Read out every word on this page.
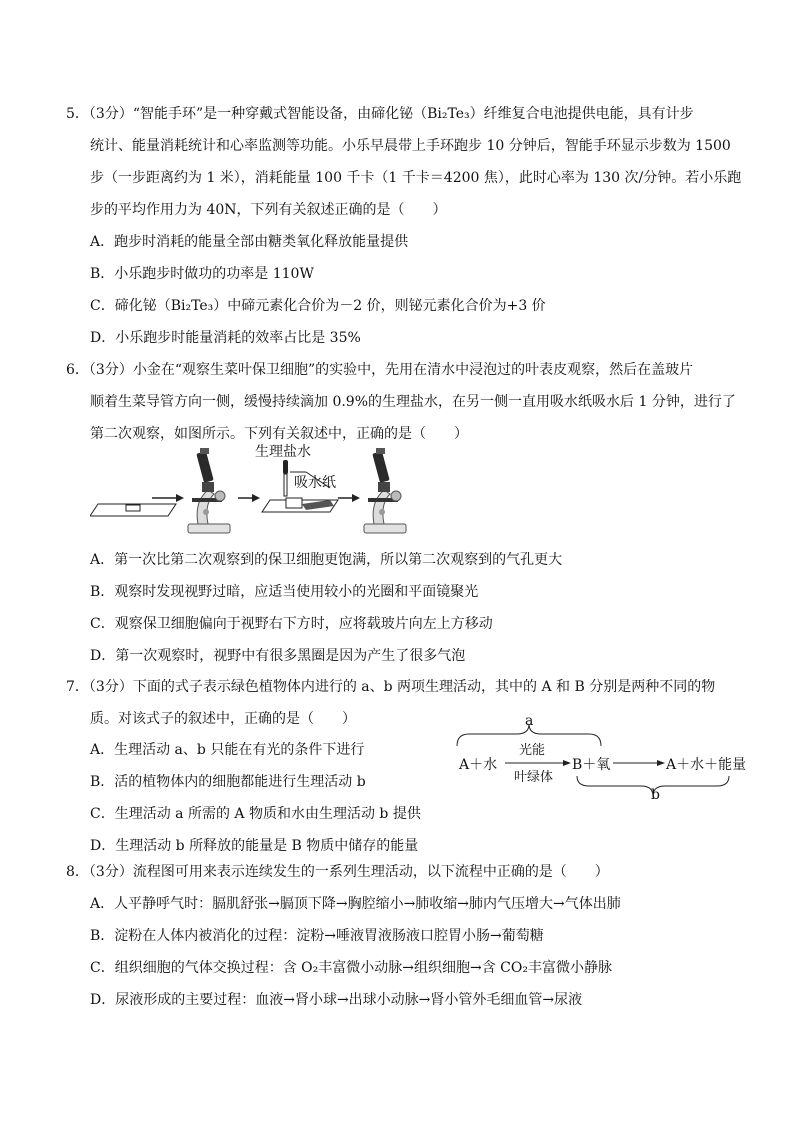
5．（3分）“智能手环”是一种穿戴式智能设备，由碲化铋（Bi₂Te₃）纤维复合电池提供电能，具有计步
统计、能量消耗统计和心率监测等功能。小乐早晨带上手环跑步 10 分钟后，智能手环显示步数为 1500
步（一步距离约为 1 米），消耗能量 100 千卡（1 千卡＝4200 焦），此时心率为 130 次/分钟。若小乐跑
步的平均作用力为 40N，下列有关叙述正确的是（　　）
A．跑步时消耗的能量全部由糖类氧化释放能量提供
B．小乐跑步时做功的功率是 110W
C．碲化铋（Bi₂Te₃）中碲元素化合价为－2 价，则铋元素化合价为+3 价
D．小乐跑步时能量消耗的效率占比是 35%
6．（3分）小金在“观察生菜叶保卫细胞”的实验中，先用在清水中浸泡过的叶表皮观察，然后在盖玻片
顺着生菜导管方向一侧，缓慢持续滴加 0.9%的生理盐水，在另一侧一直用吸水纸吸水后 1 分钟，进行了
第二次观察，如图所示。下列有关叙述中，正确的是（　　）
生理盐水
吸水纸
A．第一次比第二次观察到的保卫细胞更饱满，所以第二次观察到的气孔更大
B．观察时发现视野过暗，应适当使用较小的光圈和平面镜聚光
C．观察保卫细胞偏向于视野右下方时，应将载玻片向左上方移动
D．第一次观察时，视野中有很多黑圈是因为产生了很多气泡
7．（3分）下面的式子表示绿色植物体内进行的 a、b 两项生理活动，其中的 A 和 B 分别是两种不同的物
质。对该式子的叙述中，正确的是（　　）
A．生理活动 a、b 只能在有光的条件下进行
B．活的植物体内的细胞都能进行生理活动 b
C．生理活动 a 所需的 A 物质和水由生理活动 b 提供
D．生理活动 b 所释放的能量是 B 物质中储存的能量
a
光能
A＋水
叶绿体
B＋氧	A＋水＋能量
b
8．（3分）流程图可用来表示连续发生的一系列生理活动，以下流程中正确的是（　　）
A．人平静呼气时：膈肌舒张→膈顶下降→胸腔缩小→肺收缩→肺内气压增大→气体出肺
B．淀粉在人体内被消化的过程：淀粉→唾液胃液肠液口腔胃小肠→葡萄糖
C．组织细胞的气体交换过程：含 O₂丰富微小动脉→组织细胞→含 CO₂丰富微小静脉
D．尿液形成的主要过程：血液→肾小球→出球小动脉→肾小管外毛细血管→尿液
